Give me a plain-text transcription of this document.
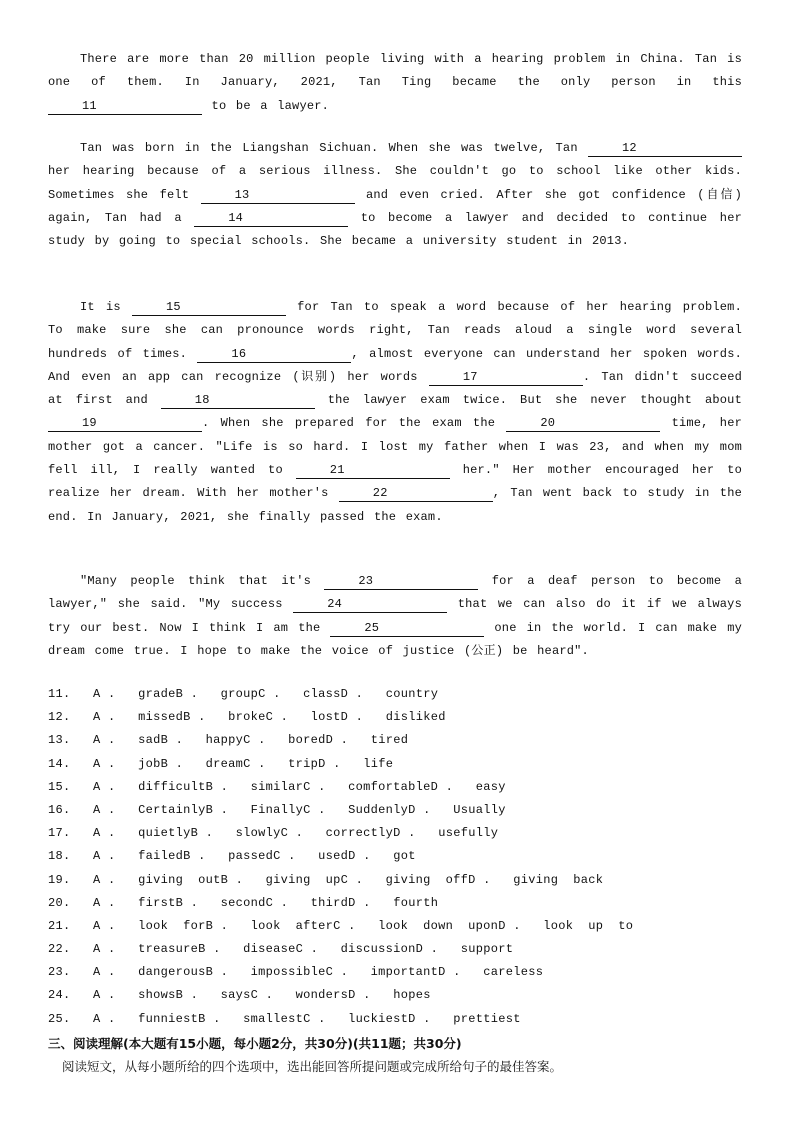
There are more than 20 million people living with a hearing problem in China. Tan is one of them. In January, 2021, Tan Ting became the only person in this 11	to be a lawyer.
Tan was born in the Liangshan Sichuan. When she was twelve, Tan	12 her hearing because of a serious illness. She couldn't go to school like other kids. Sometimes she felt	13	and even cried. After she got confidence (自信) again, Tan had a	14	to become a lawyer and decided to continue her study by going to special schools. She became a university student in 2013.
It is	15	for Tan to speak a word because of her hearing problem. To make sure she can pronounce words right, Tan reads aloud a single word several hundreds of times.	16	, almost everyone can understand her spoken words. And even an app can recognize (识别) her words	17	. Tan didn't succeed at first and	18	the lawyer exam twice. But she never thought about 19	. When she prepared for the exam the	20	time, her mother got a cancer. "Life is so hard. I lost my father when I was 23, and when my mom fell ill, I really wanted to	21	her." Her mother encouraged her to realize her dream. With her mother's	22	, Tan went back to study in the end. In January, 2021, she finally passed the exam.
"Many people think that it's	23	for a deaf person to become a lawyer," she said. "My success	24	that we can also do it if we always try our best. Now I think I am the	25	one in the world. I can make my dream come true. I hope to make the voice of justice (公正) be heard".
11. A . gradeB . groupC . classD . country
12. A . missedB . brokeC . lostD . disliked
13. A . sadB . happyC . boredD . tired
14. A . jobB . dreamC . tripD . life
15. A . difficultB . similarC . comfortableD . easy
16. A . CertainlyB . FinallyC . SuddenlyD . Usually
17. A . quietlyB . slowlyC . correctlyD . usefully
18. A . failedB . passedC . usedD . got
19. A . giving  outB . giving  upC . giving  offD . giving  back
20. A . firstB . secondC . thirdD . fourth
21. A . look  forB . look  afterC . look  down  uponD . look  up  to
22. A . treasureB . diseaseC . discussionD . support
23. A . dangerousB . impossibleC . importantD . careless
24. A . showsB . saysC . wondersD . hopes
25. A . funniestB . smallestC . luckiestD . prettiest
三、阅读理解(本大题有15小题，每小题2分，共30分)(共11题；共30分)
阅读短文，从每小题所给的四个选项中，选出能回答所提问题或完成所给句子的最佳答案。
